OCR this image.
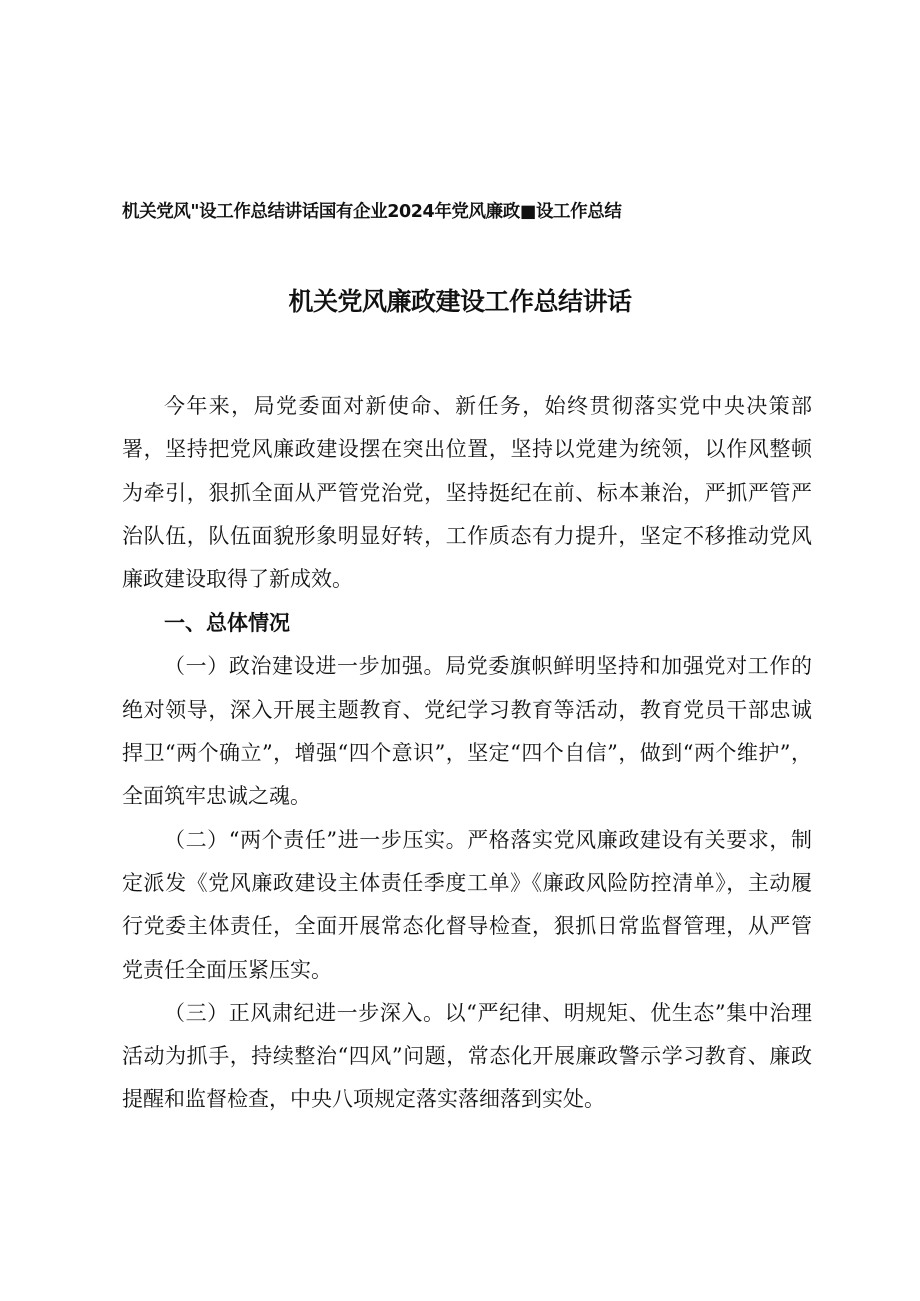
机关党风"设工作总结讲话国有企业2024年党风廉政■设工作总结
机关党风廉政建设工作总结讲话

今年来，局党委面对新使命、新任务，始终贯彻落实党中央决策部署，坚持把党风廉政建设摆在突出位置，坚持以党建为统领，以作风整顿为牵引，狠抓全面从严管党治党，坚持挺纪在前、标本兼治，严抓严管严治队伍，队伍面貌形象明显好转，工作质态有力提升，坚定不移推动党风廉政建设取得了新成效。

一、总体情况

（一）政治建设进一步加强。局党委旗帜鲜明坚持和加强党对工作的绝对领导，深入开展主题教育、党纪学习教育等活动，教育党员干部忠诚捍卫“两个确立”，增强“四个意识”，坚定“四个自信”，做到“两个维护”，全面筑牢忠诚之魂。

（二）“两个责任”进一步压实。严格落实党风廉政建设有关要求，制定派发《党风廉政建设主体责任季度工单》《廉政风险防控清单》，主动履行党委主体责任，全面开展常态化督导检查，狠抓日常监督管理，从严管党责任全面压紧压实。

（三）正风肃纪进一步深入。以“严纪律、明规矩、优生态”集中治理活动为抓手，持续整治“四风”问题，常态化开展廉政警示学习教育、廉政提醒和监督检查，中央八项规定落实落细落到实处。
